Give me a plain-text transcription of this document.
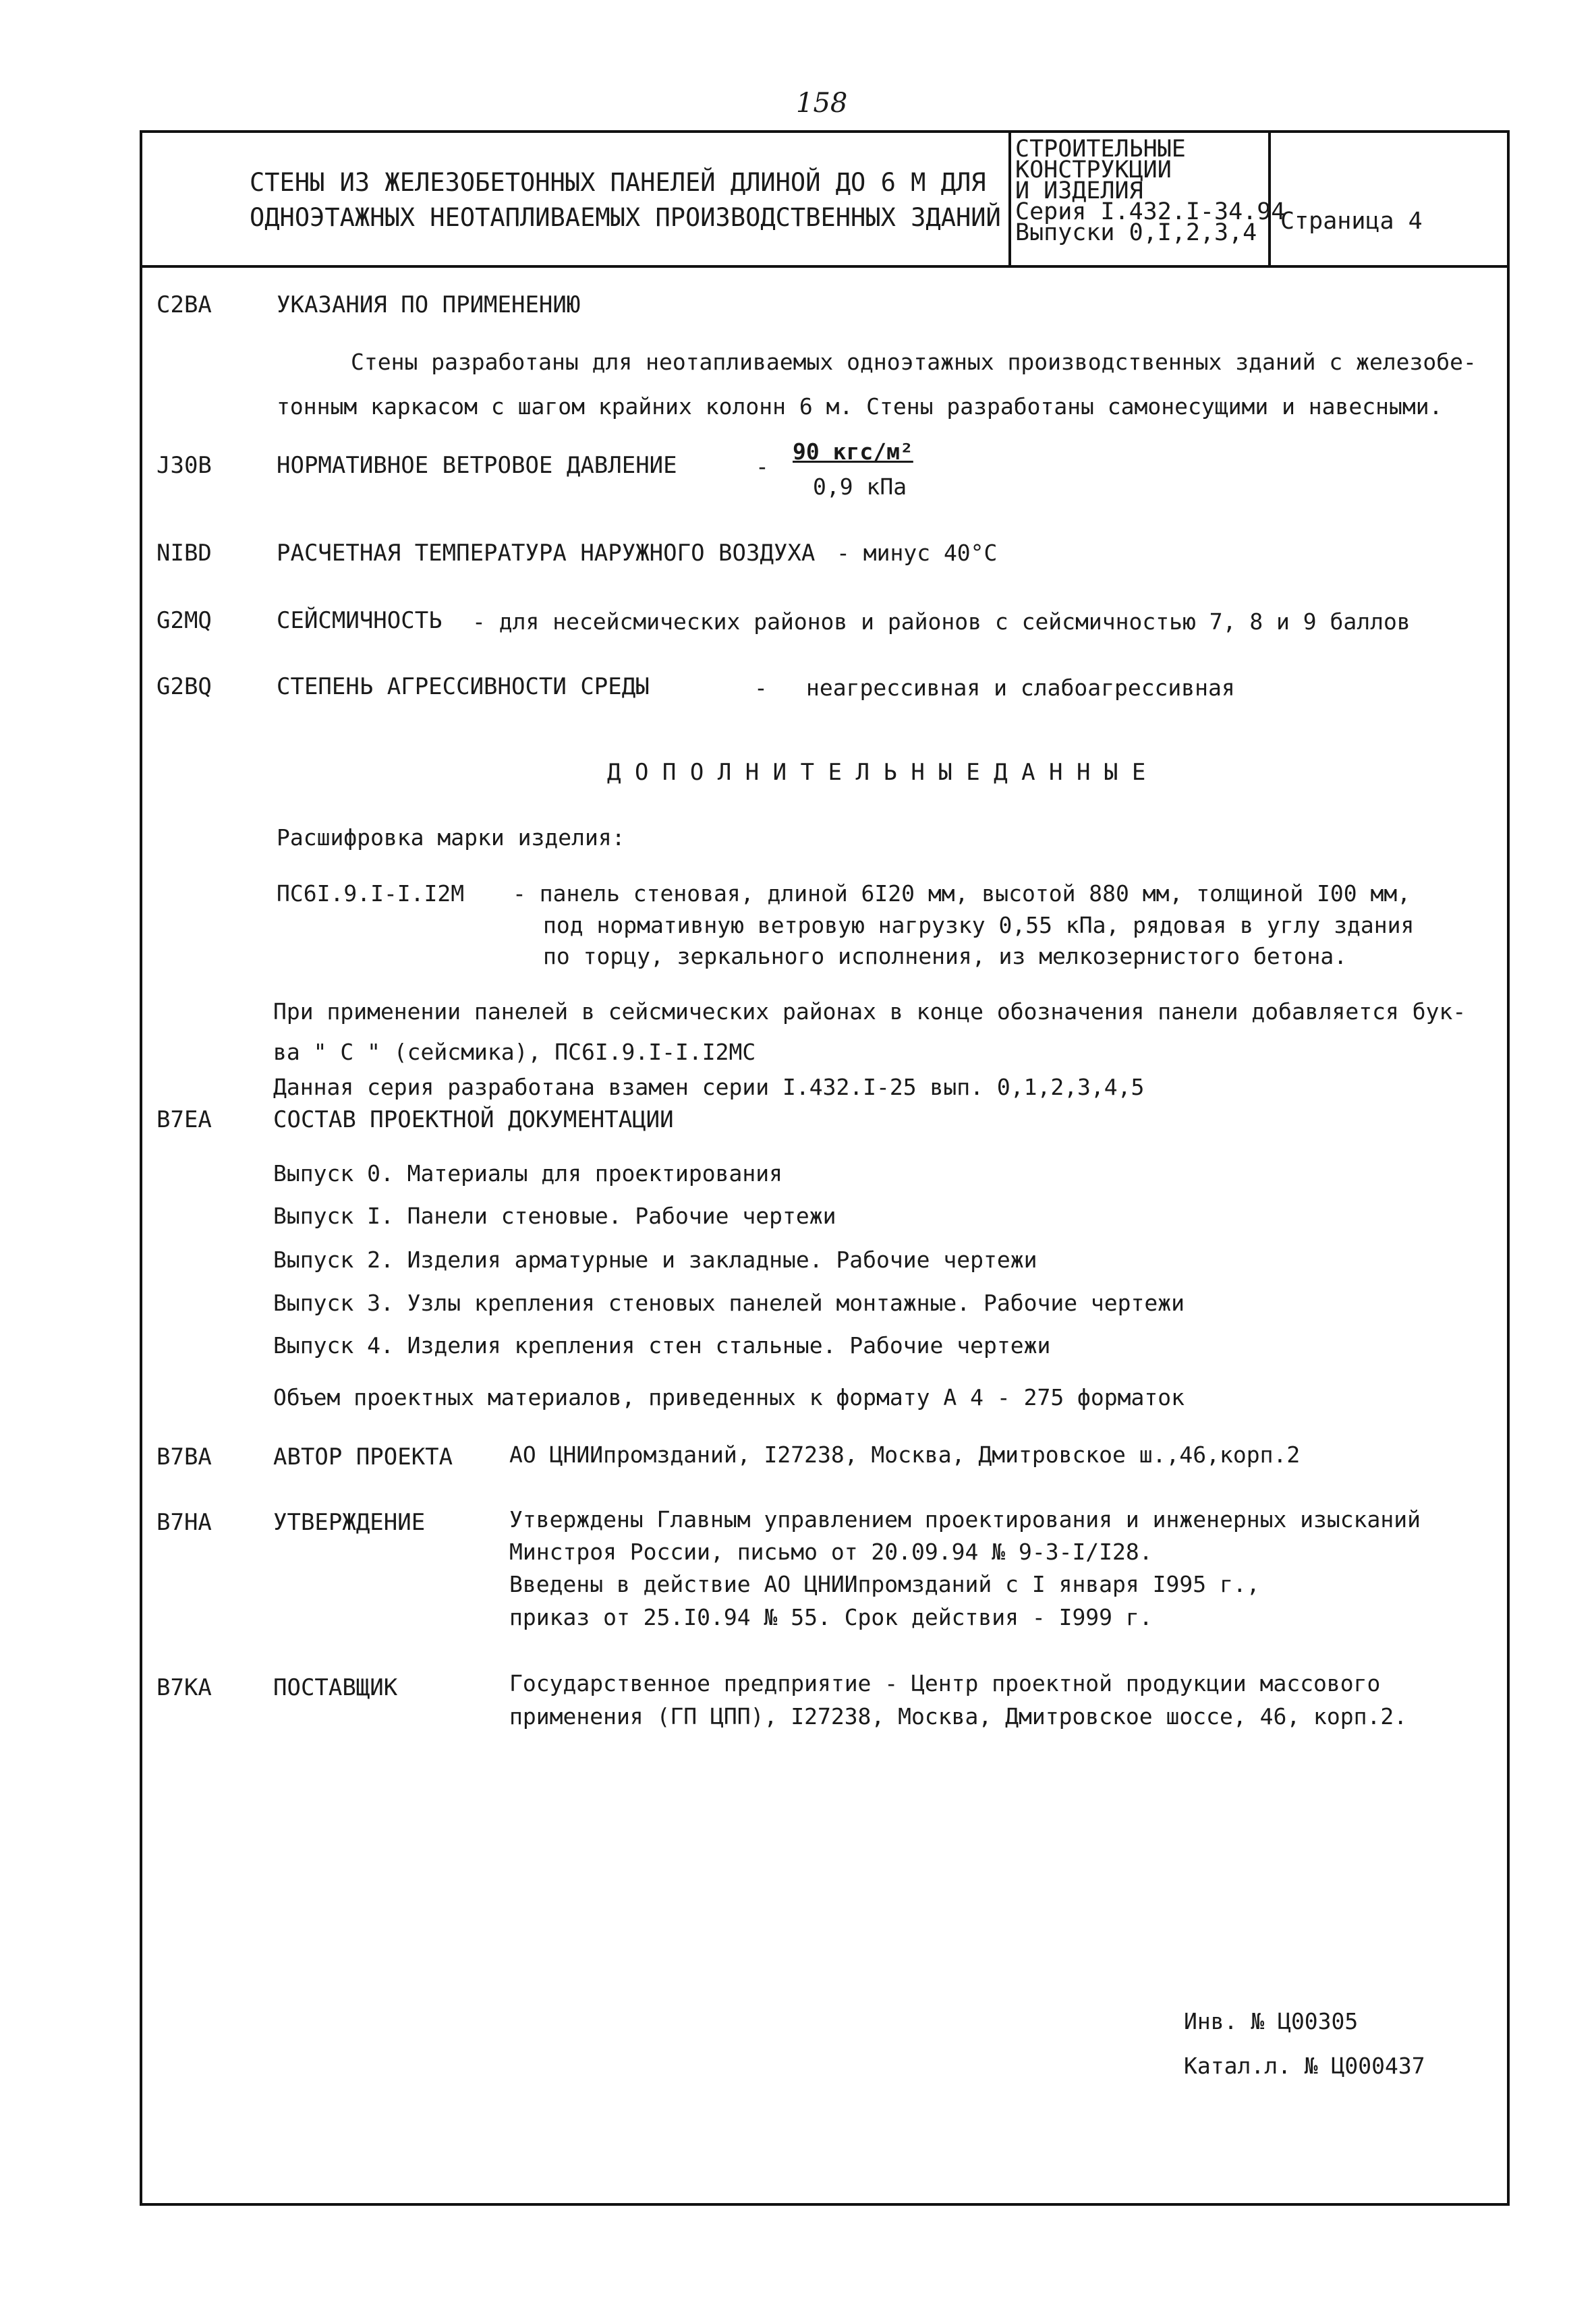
158
СТЕНЫ ИЗ ЖЕЛЕЗОБЕТОННЫХ ПАНЕЛЕЙ ДЛИНОЙ ДО 6 М ДЛЯ
ОДНОЭТАЖНЫХ НЕОТАПЛИВАЕМЫХ ПРОИЗВОДСТВЕННЫХ ЗДАНИЙ
СТРОИТЕЛЬНЫЕ
КОНСТРУКЦИИ
И ИЗДЕЛИЯ
Серия I.432.I-34.94
Выпуски 0,I,2,3,4 Страница 4
C2BA	УКАЗАНИЯ ПО ПРИМЕНЕНИЮ
Стены разработаны для неотапливаемых одноэтажных производственных зданий с железобе-
тонным каркасом с шагом крайних колонн 6 м. Стены разработаны самонесущими и навесными.
J30B	НОРМАТИВНОЕ ВЕТРОВОЕ ДАВЛЕНИЕ	-
90 кгс/м²
0,9 кПа
NIBD	РАСЧЕТНАЯ ТЕМПЕРАТУРА НАРУЖНОГО ВОЗДУХА - минус 40°С
G2MQ	СЕЙСМИЧНОСТЬ - для несейсмических районов и районов с сейсмичностью 7, 8 и 9 баллов
G2BQ	СТЕПЕНЬ АГРЕССИВНОСТИ СРЕДЫ	- неагрессивная и слабоагрессивная
Д О П О Л Н И Т Е Л Ь Н Ы Е Д А Н Н Ы Е
Расшифровка марки изделия:
ПС6I.9.I-I.I2М - панель стеновая, длиной 6I20 мм, высотой 880 мм, толщиной I00 мм,
под нормативную ветровую нагрузку 0,55 кПа, рядовая в углу здания
по торцу, зеркального исполнения, из мелкозернистого бетона.
При применении панелей в сейсмических районах в конце обозначения панели добавляется бук-
ва " С " (сейсмика), ПС6I.9.I-I.I2МС
Данная серия разработана взамен серии I.432.I-25 вып. 0,1,2,3,4,5
B7EA	СОСТАВ ПРОЕКТНОЙ ДОКУМЕНТАЦИИ
Выпуск 0. Материалы для проектирования
Выпуск I. Панели стеновые. Рабочие чертежи
Выпуск 2. Изделия арматурные и закладные. Рабочие чертежи
Выпуск 3. Узлы крепления стеновых панелей монтажные. Рабочие чертежи
Выпуск 4. Изделия крепления стен стальные. Рабочие чертежи
Объем проектных материалов, приведенных к формату А 4 - 275 форматок
B7BA	АВТОР ПРОЕКТА	АО ЦНИИпромзданий, I27238, Москва, Дмитровское ш.,46,корп.2
B7HA	УТВЕРЖДЕНИЕ	Утверждены Главным управлением проектирования и инженерных изысканий
Минстроя России, письмо от 20.09.94 № 9-3-I/I28.
Введены в действие АО ЦНИИпромзданий с I января I995 г.,
приказ от 25.I0.94 № 55. Срок действия - I999 г.
B7KA	ПОСТАВЩИК	Государственное предприятие - Центр проектной продукции массового
применения (ГП ЦПП), I27238, Москва, Дмитровское шоссе, 46, корп.2.
Инв. № Ц00305
Катал.л. № Ц000437
